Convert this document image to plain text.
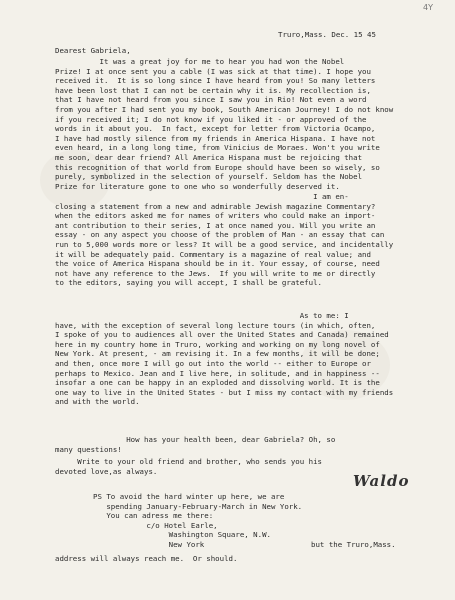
4Y
Truro,Mass. Dec. 15 45
Dearest Gabriela,
It was a great joy for me to hear you had won the Nobel
Prize! I at once sent you a cable (I was sick at that time). I hope you
received it.  It is so long since I have heard from you! So many letters
have been lost that I can not be certain why it is. My recollection is,
that I have not heard from you since I saw you in Rio! Not even a word
from you after I had sent you my book, South American Journey! I do not know
if you received it; I do not know if you liked it - or approved of the
words in it about you.  In fact, except for letter from Victoria Ocampo,
I have had mostly silence from my friends in America Hispana. I have not
even heard, in a long long time, from Vinicius de Moraes. Won't you write
me soon, dear dear friend? All America Hispana must be rejoicing that
this recognition of that world from Europe should have been so wisely, so
purely, symbolized in the selection of yourself. Seldom has the Nobel
Prize for literature gone to one who so wonderfully deserved it.
I am en-
closing a statement from a new and admirable Jewish magazine Commentary?
when the editors asked me for names of writers who could make an import-
ant contribution to their series, I at once named you. Will you write an
essay - on any aspect you choose of the problem of Man - an essay that can
run to 5,000 words more or less? It will be a good service, and incidentally
it will be adequately paid. Commentary is a magazine of real value; and
the voice of America Hispana should be in it. Your essay, of course, need
not have any reference to the Jews.  If you will write to me or directly
to the editors, saying you will accept, I shall be grateful.
As to me: I
have, with the exception of several long lecture tours (in which, often,
I spoke of you to audiences all over the United States and Canada) remained
here in my country home in Truro, working and working on my long novel of
New York. At present, - am revising it. In a few months, it will be done;
and then, once more I will go out into the world -- either to Europe or
perhaps to Mexico. Jean and I live here, in solitude, and in happiness --
insofar a one can be happy in an exploded and dissolving world. It is the
one way to live in the United States - but I miss my contact with my friends
and with the world.
How has your health been, dear Gabriela? Oh, so
many questions!
Write to your old friend and brother, who sends you his
devoted love,as always.
Waldo
PS To avoid the hard winter up here, we are
spending January-February-March in New York.
You can adress me there:
c/o Hotel Earle,
Washington Square, N.W.
New York                        but the Truro,Mass.
address will always reach me.  Or should.
